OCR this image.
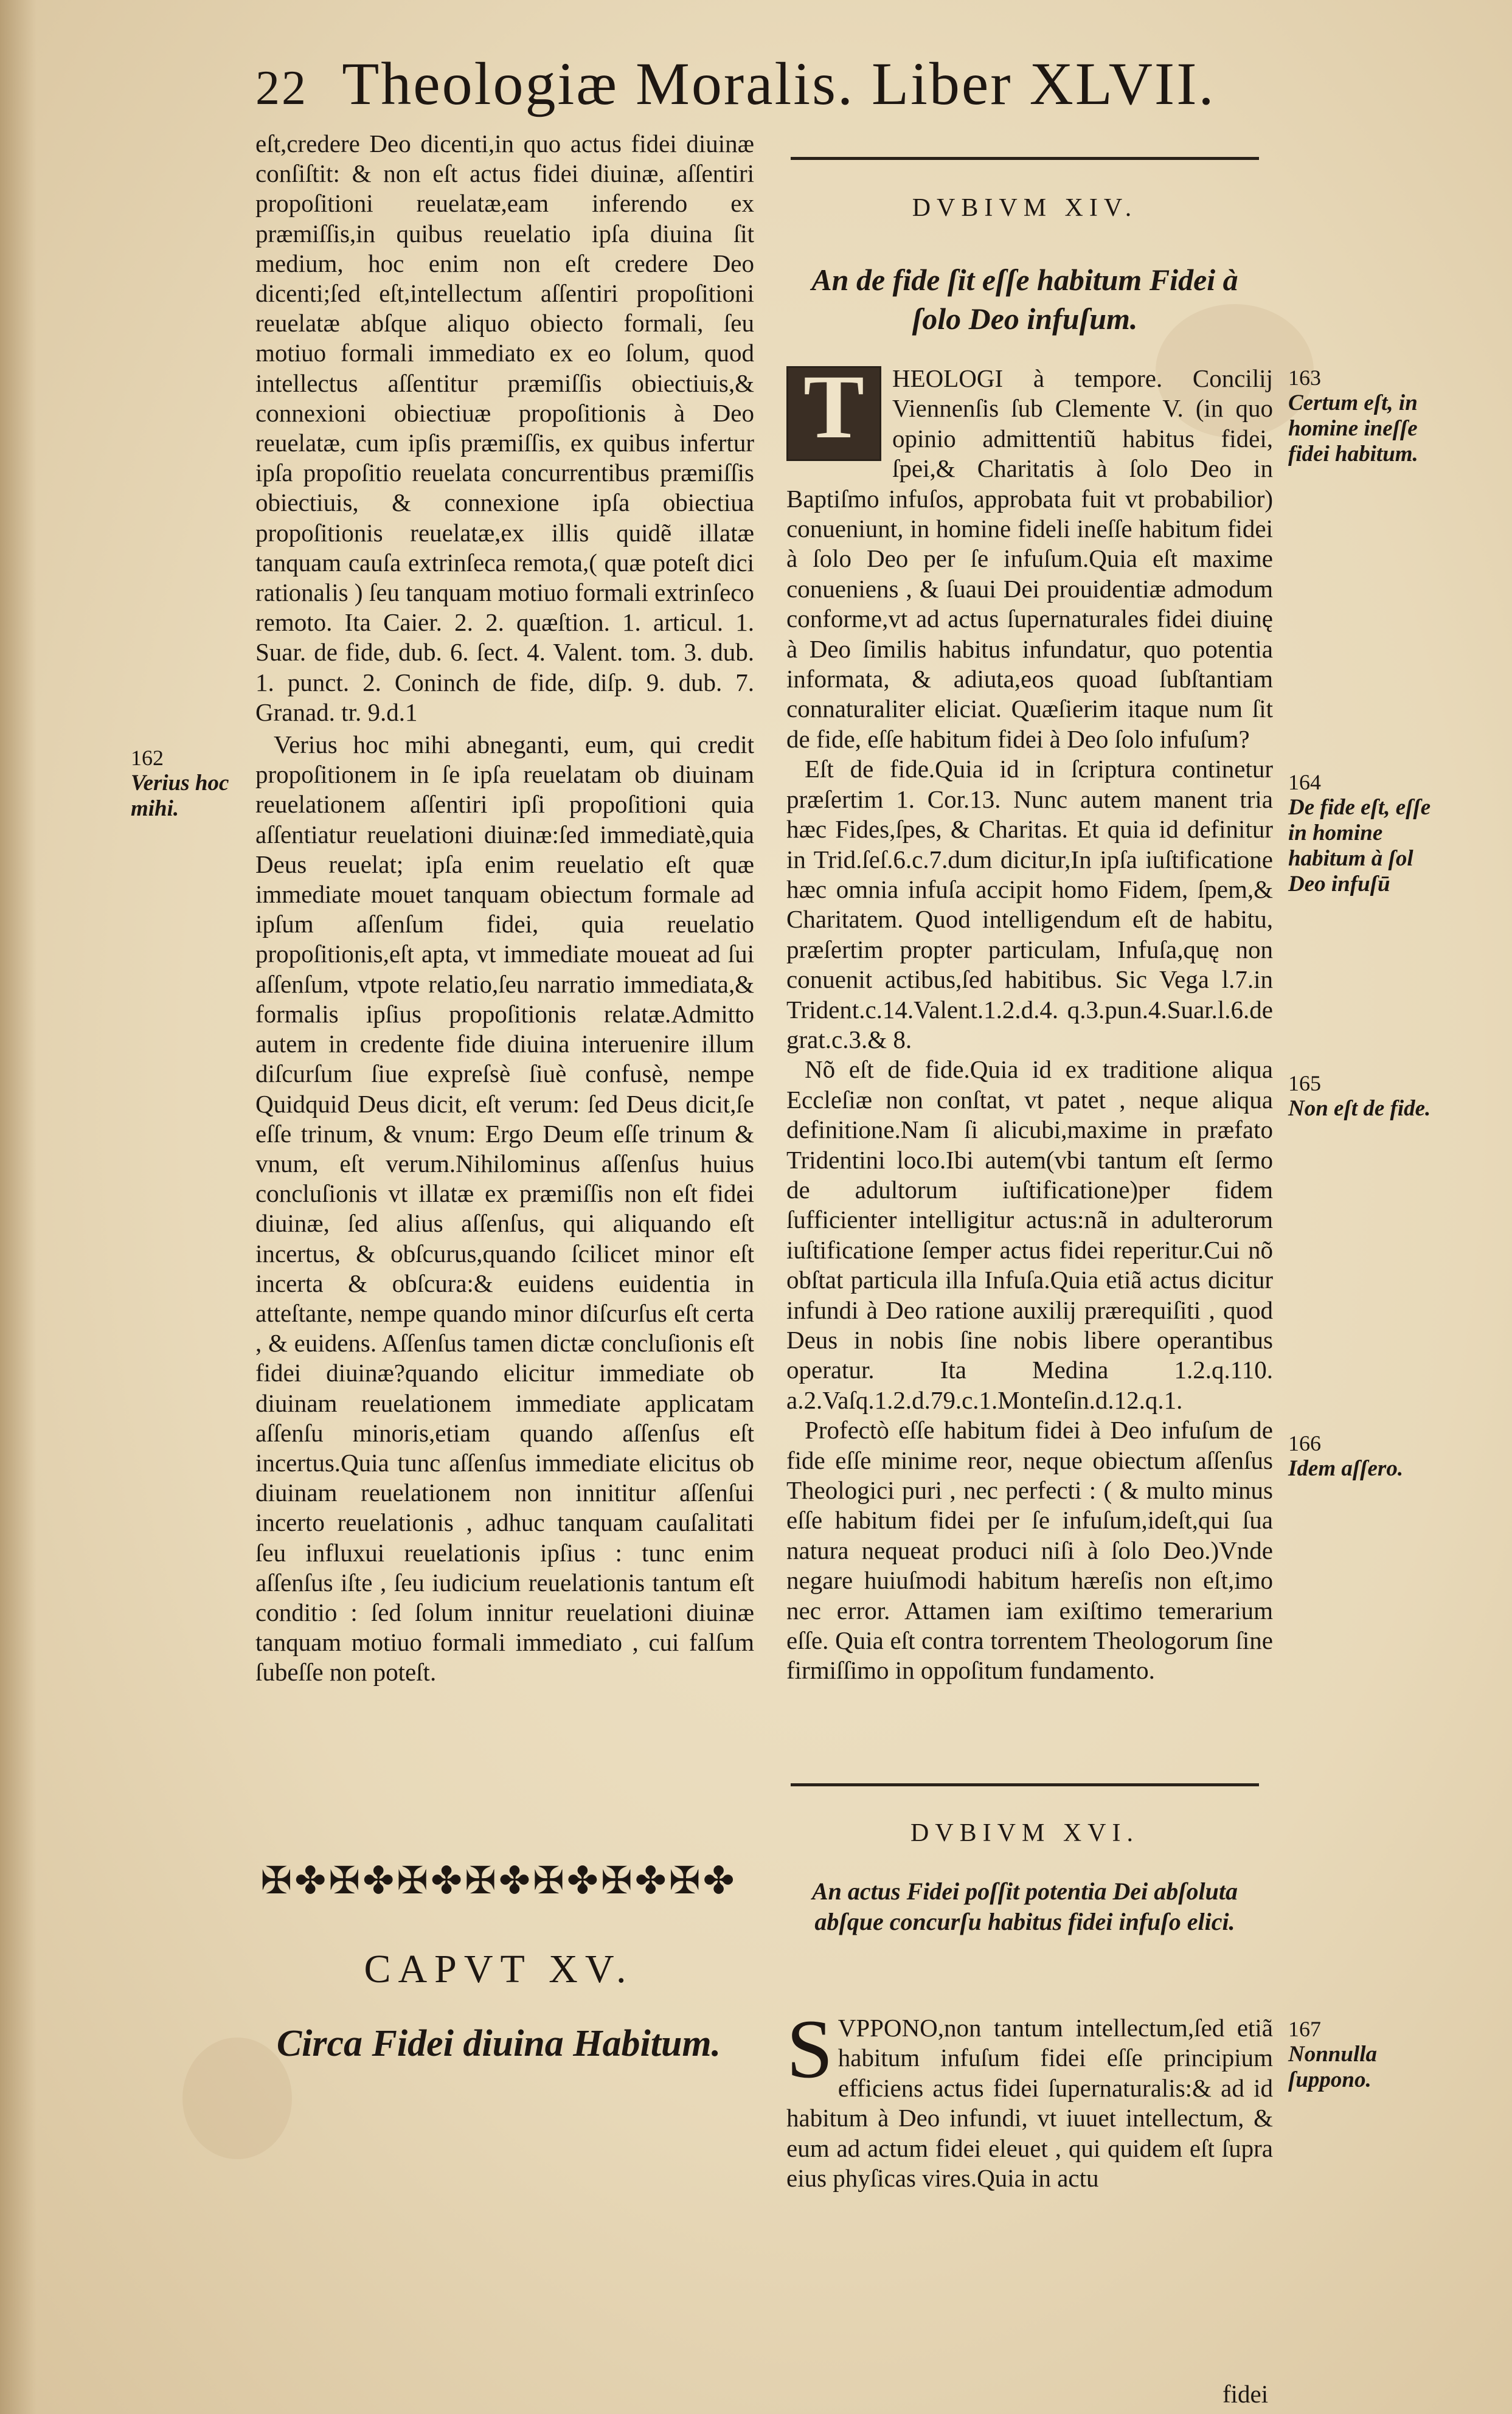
22 Theologiæ Moralis. Liber XLVII.

eſt,credere Deo dicenti,in quo actus fidei diuinæ conſiſtit: & non eſt actus fidei diuinæ, aſſentiri propoſitioni reuelatæ,eam inferendo ex præmiſſis,in quibus reuelatio ipſa diuina ſit medium, hoc enim non eſt credere Deo dicenti;ſed eſt,intellectum aſſentiri propoſitioni reuelatæ abſque aliquo obiecto formali, ſeu motiuo formali immediato ex eo ſolum, quod intellectus aſſentitur præmiſſis obiectiuis,& connexioni obiectiuæ propoſitionis à Deo reuelatæ, cum ipſis præmiſſis, ex quibus infertur ipſa propoſitio reuelata concurrentibus præmiſſis obiectiuis, & connexione ipſa obiectiua propoſitionis reuelatæ,ex illis quidẽ illatæ tanquam cauſa extrinſeca remota,( quæ poteſt dici rationalis ) ſeu tanquam motiuo formali extrinſeco remoto. Ita Caier. 2. 2. quæſtion. 1. articul. 1. Suar. de fide, dub. 6. ſect. 4. Valent. tom. 3. dub. 1. punct. 2. Coninch de fide, diſp. 9. dub. 7. Granad. tr. 9.d.1

Verius hoc mihi abneganti, eum, qui credit propoſitionem in ſe ipſa reuelatam ob diuinam reuelationem aſſentiri ipſi propoſitioni quia aſſentiatur reuelationi diuinæ:ſed immediatè,quia Deus reuelat; ipſa enim reuelatio eſt quæ immediate mouet tanquam obiectum formale ad ipſum aſſenſum fidei, quia reuelatio propoſitionis,eſt apta, vt immediate moueat ad ſui aſſenſum, vtpote relatio,ſeu narratio immediata,& formalis ipſius propoſitionis relatæ.Admitto autem in credente fide diuina interuenire illum diſcurſum ſiue expreſsè ſiuè confusè, nempe Quidquid Deus dicit, eſt verum: ſed Deus dicit,ſe eſſe trinum, & vnum: Ergo Deum eſſe trinum & vnum, eſt verum.Nihilominus aſſenſus huius concluſionis vt illatæ ex præmiſſis non eſt fidei diuinæ, ſed alius aſſenſus, qui aliquando eſt incertus, & obſcurus,quando ſcilicet minor eſt incerta & obſcura:& euidens euidentia in atteſtante, nempe quando minor diſcurſus eſt certa , & euidens. Aſſenſus tamen dictæ concluſionis eſt fidei diuinæ?quando elicitur immediate ob diuinam reuelationem immediate applicatam aſſenſu minoris,etiam quando aſſenſus eſt incertus.Quia tunc aſſenſus immediate elicitus ob diuinam reuelationem non innititur aſſenſui incerto reuelationis , adhuc tanquam cauſalitati ſeu influxui reuelationis ipſius : tunc enim aſſenſus iſte , ſeu iudicium reuelationis tantum eſt conditio : ſed ſolum innitur reuelationi diuinæ tanquam motiuo formali immediato , cui falſum ſubeſſe non poteſt.

162
Verius hoc mihi.
DVBIVM XIV.
An de fide ſit eſſe habitum Fidei à ſolo Deo infuſum.

T	HEOLOGI à tempore. Concilij Viennenſis ſub Clemente V. (in quo opinio admittentiũ habitus fidei, ſpei,& Charitatis à ſolo Deo in Baptiſmo infuſos, approbata fuit vt probabilior) conueniunt, in homine fideli ineſſe habitum fidei à ſolo Deo per ſe infuſum.Quia eſt maxime conueniens , & ſuaui Dei prouidentiæ admodum conforme,vt ad actus ſupernaturales fidei diuinę à Deo ſimilis habitus infundatur, quo potentia informata, & adiuta,eos quoad ſubſtantiam connaturaliter eliciat. Quæſierim itaque num ſit de fide, eſſe habitum fidei à Deo ſolo infuſum?

Eſt de fide.Quia id in ſcriptura continetur præſertim 1. Cor.13. Nunc autem manent tria hæc Fides,ſpes, & Charitas. Et quia id definitur in Trid.ſeſ.6.c.7.dum dicitur,In ipſa iuſtificatione hæc omnia infuſa accipit homo Fidem, ſpem,& Charitatem. Quod intelligendum eſt de habitu, præſertim propter particulam, Infuſa,quę non conuenit actibus,ſed habitibus. Sic Vega l.7.in Trident.c.14.Valent.1.2.d.4. q.3.pun.4.Suar.l.6.de grat.c.3.& 8.

Nõ eſt de fide.Quia id ex traditione aliqua Eccleſiæ non conſtat, vt patet , neque aliqua definitione.Nam ſi alicubi,maxime in præfato Tridentini loco.Ibi autem(vbi tantum eſt ſermo de adultorum iuſtificatione)per fidem ſufficienter intelligitur actus:nã in adulterorum iuſtificatione ſemper actus fidei reperitur.Cui nõ obſtat particula illa Infuſa.Quia etiã actus dicitur infundi à Deo ratione auxilij prærequiſiti , quod Deus in nobis ſine nobis libere operantibus operatur. Ita Medina 1.2.q.110. a.2.Vaſq.1.2.d.79.c.1.Monteſin.d.12.q.1.

Profectò eſſe habitum fidei à Deo infuſum de fide eſſe minime reor, neque obiectum aſſenſus Theologici puri , nec perfecti : ( & multo minus eſſe habitum fidei per ſe infuſum,ideſt,qui ſua natura nequeat produci niſi à ſolo Deo.)Vnde negare huiuſmodi habitum hæreſis non eſt,imo nec error. Attamen iam exiſtimo temerarium eſſe. Quia eſt contra torrentem Theologorum ſine firmiſſimo in oppoſitum fundamento.

163
Certum eſt, in homine ineſſe fidei habitum.
164
De fide eſt, eſſe in homine habitum à ſol Deo infuſū
165
Non eſt de fide.
166
Idem aſſero.
DVBIVM XVI.
An actus Fidei poſſit potentia Dei abſoluta abſque concurſu habitus fidei infuſo elici.

SVPPONO,non tantum intellectum,ſed etiã habitum infuſum fidei eſſe principium efficiens actus fidei ſupernaturalis:& ad id habitum à Deo infundi, vt iuuet intellectum, & eum ad actum fidei eleuet , qui quidem eſt ſupra eius phyſicas vires.Quia in actu

167
Nonnulla ſuppono.
fidei
✠✤✠✤✠✤✠✤✠✤✠✤✠✤
CAPVT XV.
Circa Fidei diuina Habitum.
